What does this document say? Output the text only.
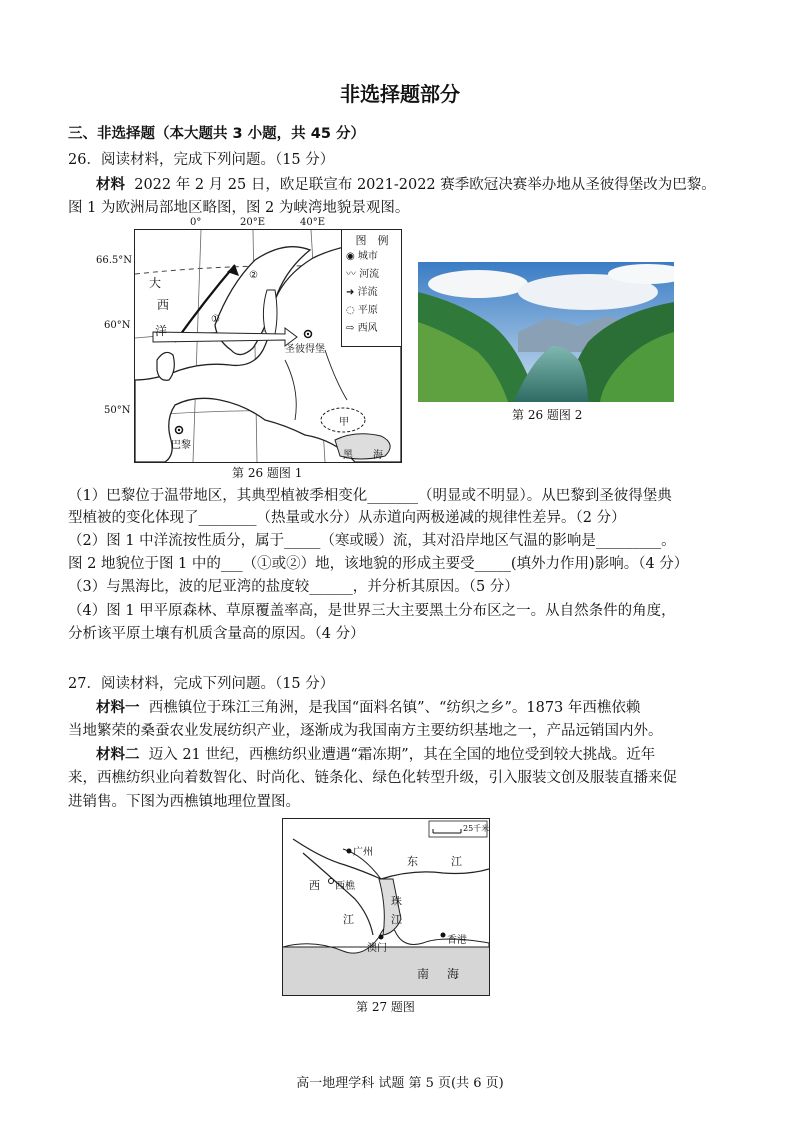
非选择题部分
三、非选择题（本大题共 3 小题，共 45 分）
26．阅读材料，完成下列问题。（15 分）
材料 2022 年 2 月 25 日，欧足联宣布 2021-2022 赛季欧冠决赛举办地从圣彼得堡改为巴黎。
图 1 为欧洲局部地区略图，图 2 为峡湾地貌景观图。
大
西
洋
①
②
圣彼得堡
巴黎
甲
黑　　海
图　例
◉ 城市
〰 河流
➜ 洋流
◌ 平原
⇨ 西风
0°	20°E	40°E
66.5°N
60°N
50°N
第 26 题图 1
第 26 题图 2
（1）巴黎位于温带地区，其典型植被季相变化_______（明显或不明显）。从巴黎到圣彼得堡典
型植被的变化体现了________（热量或水分）从赤道向两极递减的规律性差异。（2 分）
（2）图 1 中洋流按性质分，属于_____（寒或暖）流，其对沿岸地区气温的影响是_________。
图 2 地貌位于图 1 中的___（①或②）地，该地貌的形成主要受_____(填外力作用)影响。（4 分）
（3）与黑海比，波的尼亚湾的盐度较______，并分析其原因。（5 分）
（4）图 1 甲平原森林、草原覆盖率高，是世界三大主要黑土分布区之一。从自然条件的角度，
分析该平原土壤有机质含量高的原因。（4 分）
27．阅读材料，完成下列问题。（15 分）
材料一 西樵镇位于珠江三角洲，是我国“面料名镇”、“纺织之乡”。1873 年西樵依赖
当地繁荣的桑蚕农业发展纺织产业，逐渐成为我国南方主要纺织基地之一，产品远销国内外。
材料二 迈入 21 世纪，西樵纺织业遭遇“霜冻期”，其在全国的地位受到较大挑战。近年
来，西樵纺织业向着数智化、时尚化、链条化、绿色化转型升级，引入服装文创及服装直播来促
进销售。下图为西樵镇地理位置图。
25千米
广州
西樵
澳门
香港
东	江
西
江
珠
江
南 海
第 27 题图
高一地理学科 试题 第 5 页(共 6 页)
